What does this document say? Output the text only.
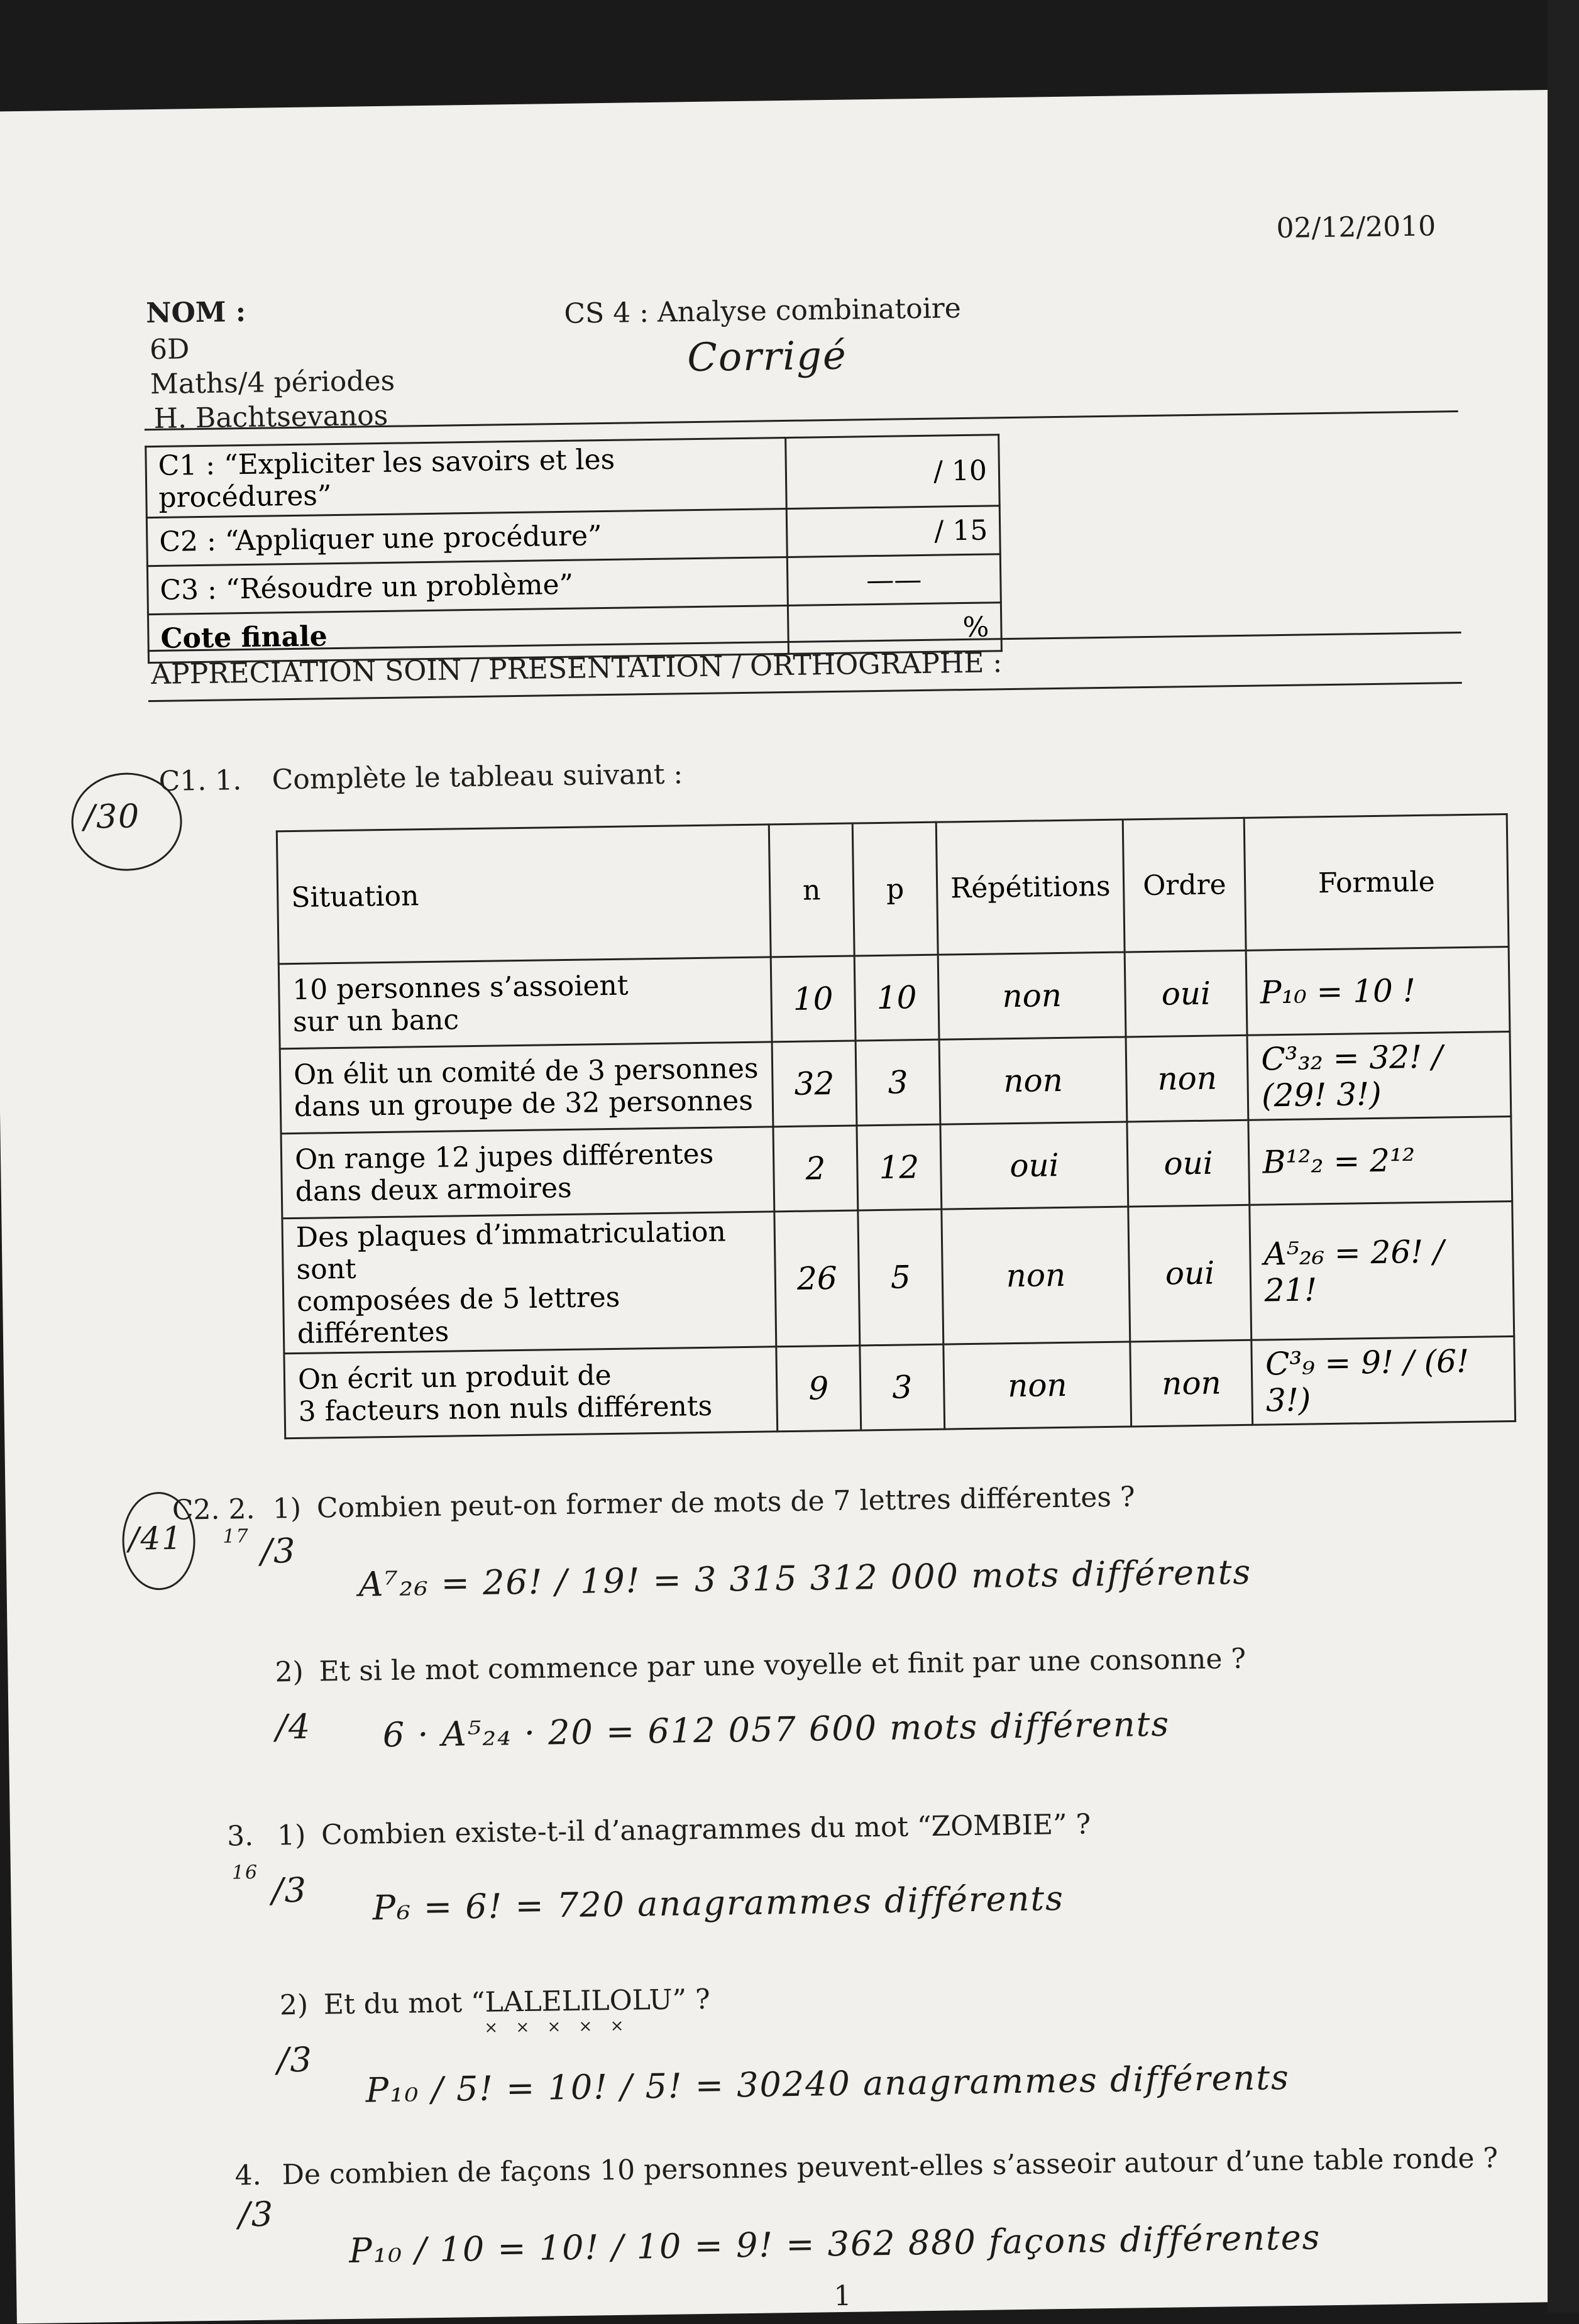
02/12/2010
NOM :
6D
Maths/4 périodes
H. Bachtsevanos
CS 4 : Analyse combinatoire
Corrigé
C1 : “Expliciter les savoirs et les procédures”	/ 10
C2 : “Appliquer une procédure”	/ 15
C3 : “Résoudre un problème”	——
Cote finale	%
APPRECIATION SOIN / PRESENTATION / ORTHOGRAPHE :
/30
C1. 1. Complète le tableau suivant :
Situation	n	p	Répétitions	Ordre	Formule

10 personnes s’assoient
sur un banc	10	10	non	oui	P₁₀ = 10 !

On élit un comité de 3 personnes
dans un groupe de 32 personnes	32	3	non	non	C³₃₂ = 32! / (29! 3!)

On range 12 jupes différentes
dans deux armoires	2	12	oui	oui	B¹²₂ = 2¹²

Des plaques d’immatriculation sont
composées de 5 lettres différentes	26	5	non	oui	A⁵₂₆ = 26! / 21!

On écrit un produit de
3 facteurs non nuls différents	9	3	non	non	C³₉ = 9! / (6! 3!)
/41
C2. 2. 1) Combien peut-on former de mots de 7 lettres différentes ?
17 /3
A⁷₂₆ = 26! / 19! = 3 315 312 000 mots différents
2) Et si le mot commence par une voyelle et finit par une consonne ?
/4 6 · A⁵₂₄ · 20 = 612 057 600 mots différents
3. 1) Combien existe-t-il d’anagrammes du mot “ZOMBIE” ?
16 /3 P₆ = 6! = 720 anagrammes différents
2) Et du mot “LALELILOLU” ?
× × × × ×
/3 P₁₀ / 5! = 10! / 5! = 30240 anagrammes différents
4. De combien de façons 10 personnes peuvent-elles s’asseoir autour d’une table ronde ?
/3
P₁₀ / 10 = 10! / 10 = 9! = 362 880 façons différentes
1
